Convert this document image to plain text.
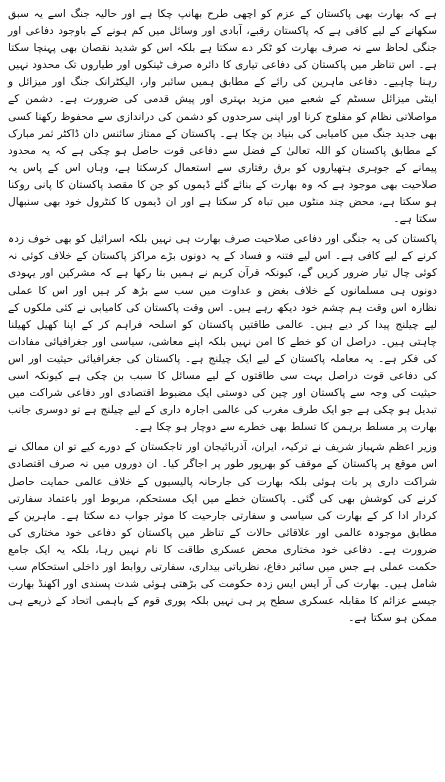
ہے کہ بھارت بھی پاکستان کے عزم کو اچھی طرح بھانپ چکا ہے اور حالیہ جنگ اسے یہ سبق سکھانے کے لیے کافی ہے کہ پاکستان رقبے، آبادی اور وسائل میں کم ہونے کے باوجود دفاعی اور جنگی لحاظ سے نہ صرف بھارت کو ٹکر دے سکتا ہے بلکہ اس کو شدید نقصان بھی پہنچا سکتا ہے۔ اس تناظر میں پاکستان کی دفاعی تیاری کا دائرہ صرف ٹینکوں اور طیاروں تک محدود نہیں رہنا چاہیے۔ دفاعی ماہرین کی رائے کے مطابق ہمیں سائبر وار، الیکٹرانک جنگ اور میزائل و اینٹی میزائل سسٹم کے شعبے میں مزید بہتری اور پیش قدمی کی ضرورت ہے۔ دشمن کے مواصلاتی نظام کو مفلوج کرنا اور اپنی سرحدوں کو دشمن کی دراندازی سے محفوظ رکھنا کسی بھی جدید جنگ میں کامیابی کی بنیاد بن چکا ہے۔ پاکستان کے ممتاز سائنس دان ڈاکٹر ثمر مبارک کے مطابق پاکستان کو اللہ تعالیٰ کے فضل سے دفاعی قوت حاصل ہو چکی ہے کہ یہ محدود پیمانے کے جوہری ہتھیاروں کو برق رفتاری سے استعمال کرسکتا ہے، وہاں اس کے پاس یہ صلاحیت بھی موجود ہے کہ وہ بھارت کے بنائے گئے ڈیموں کو جن کا مقصد پاکستان کا پانی روکنا ہو سکتا ہے، محض چند منٹوں میں تباہ کر سکتا ہے اور ان ڈیموں کا کنٹرول خود بھی سنبھال سکتا ہے۔

پاکستان کی یہ جنگی اور دفاعی صلاحیت صرف بھارت ہی نہیں بلکہ اسرائیل کو بھی خوف زدہ کرنے کے لیے کافی ہے۔ اس لیے فتنہ و فساد کے یہ دونوں بڑے مراکز پاکستان کے خلاف کوئی نہ کوئی چال تیار ضرور کریں گے، کیونکہ قرآن کریم نے ہمیں بتا رکھا ہے کہ مشرکین اور یہودی دونوں ہی مسلمانوں کے خلاف بغض و عداوت میں سب سے بڑھ کر ہیں اور اس کا عملی نظارہ اس وقت ہم چشم خود دیکھ رہے ہیں۔ اس وقت پاکستان کی کامیابی نے کئی ملکوں کے لیے چیلنج پیدا کر دیے ہیں۔ عالمی طاقتیں پاکستان کو اسلحہ فراہم کر کے اپنا کھیل کھیلنا چاہتی ہیں۔ دراصل ان کو خطے کا امن نہیں بلکہ اپنے معاشی، سیاسی اور جغرافیائی مفادات کی فکر ہے۔ یہ معاملہ پاکستان کے لیے ایک چیلنج ہے۔ پاکستان کی جغرافیائی حیثیت اور اس کی دفاعی قوت دراصل بہت سی طاقتوں کے لیے مسائل کا سبب بن چکی ہے کیونکہ اسی حیثیت کی وجہ سے پاکستان اور چین کی دوستی ایک مضبوط اقتصادی اور دفاعی شراکت میں تبدیل ہو چکی ہے جو ایک طرف مغرب کی عالمی اجارہ داری کے لیے چیلنج ہے تو دوسری جانب بھارت پر مسلط برہمن کا تسلط بھی خطرے سے دوچار ہو چکا ہے۔

وزیر اعظم شہباز شریف نے ترکیہ، ایران، آذربائیجان اور تاجکستان کے دورے کیے تو ان ممالک نے اس موقع پر پاکستان کے موقف کو بھرپور طور پر اجاگر کیا۔ ان دوروں میں نہ صرف اقتصادی شراکت داری پر بات ہوئی بلکہ بھارت کی جارحانہ پالیسیوں کے خلاف عالمی حمایت حاصل کرنے کی کوشش بھی کی گئی۔ پاکستان خطے میں ایک مستحکم، مربوط اور باعتماد سفارتی کردار ادا کر کے بھارت کی سیاسی و سفارتی جارحیت کا موثر جواب دے سکتا ہے۔ ماہرین کے مطابق موجودہ عالمی اور علاقائی حالات کے تناظر میں پاکستان کو دفاعی خود مختاری کی ضرورت ہے۔ دفاعی خود مختاری محض عسکری طاقت کا نام نہیں رہا، بلکہ یہ ایک جامع حکمت عملی ہے جس میں سائبر دفاع، نظریاتی بیداری، سفارتی روابط اور داخلی استحکام سب شامل ہیں۔ بھارت کی آر ایس ایس زدہ حکومت کی بڑھتی ہوئی شدت پسندی اور اکھنڈ بھارت جیسے عزائم کا مقابلہ عسکری سطح پر ہی نہیں بلکہ پوری قوم کے باہمی اتحاد کے ذریعے ہی ممکن ہو سکتا ہے۔
